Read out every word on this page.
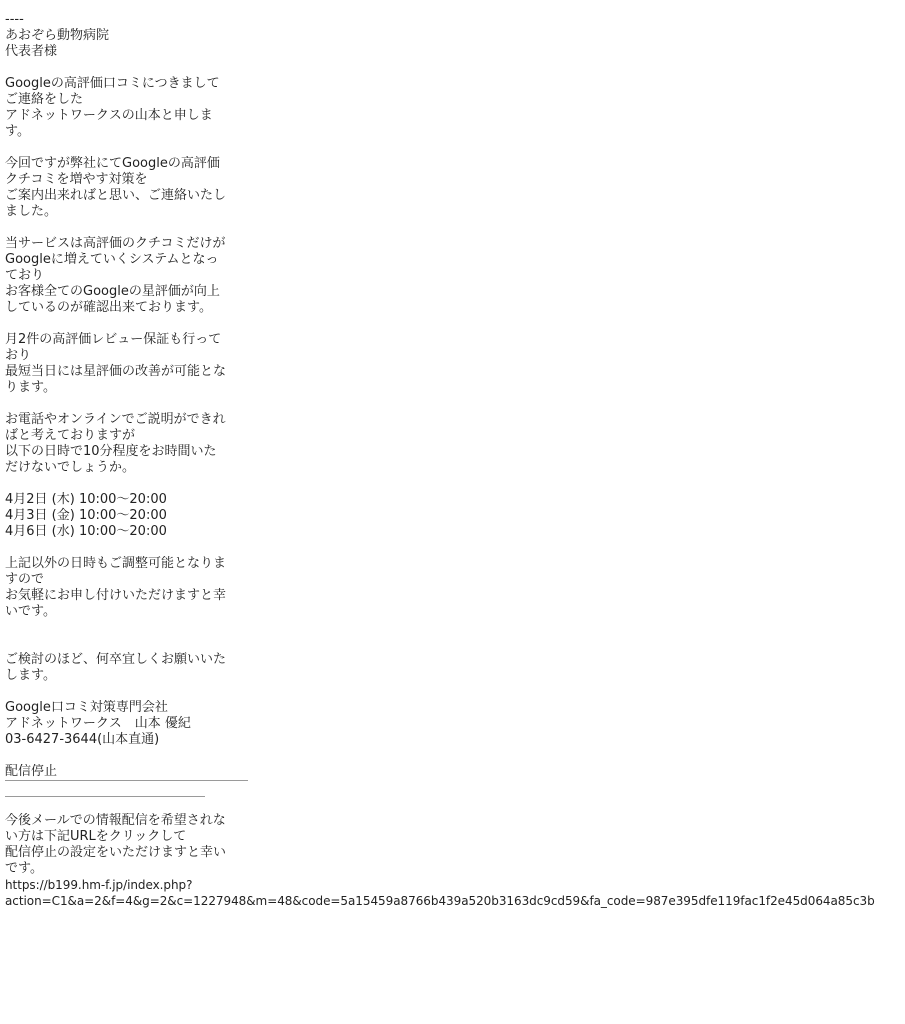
----
あおぞら動物病院
代表者様
Googleの高評価口コミにつきまして
ご連絡をした
アドネットワークスの山本と申しま
す。
今回ですが弊社にてGoogleの高評価
クチコミを増やす対策を
ご案内出来ればと思い、ご連絡いたし
ました。
当サービスは高評価のクチコミだけが
Googleに増えていくシステムとなっ
ており
お客様全てのGoogleの星評価が向上
しているのが確認出来ております。
月2件の高評価レビュー保証も行って
おり
最短当日には星評価の改善が可能とな
ります。
お電話やオンラインでご説明ができれ
ばと考えておりますが
以下の日時で10分程度をお時間いた
だけないでしょうか。
4月2日 (木) 10:00～20:00
4月3日 (金) 10:00～20:00
4月6日 (水) 10:00～20:00
上記以外の日時もご調整可能となりま
すので
お気軽にお申し付けいただけますと幸
いです。
ご検討のほど、何卒宜しくお願いいた
します。
Google口コミ対策専門会社
アドネットワークス　山本 優紀
03-6427-3644(山本直通)
配信停止
今後メールでの情報配信を希望されな
い方は下記URLをクリックして
配信停止の設定をいただけますと幸い
です。
https://b199.hm-f.jp/index.php?
action=C1&a=2&f=4&g=2&c=1227948&m=48&code=5a15459a8766b439a520b3163dc9cd59&fa_code=987e395dfe119fac1f2e45d064a85c3b
